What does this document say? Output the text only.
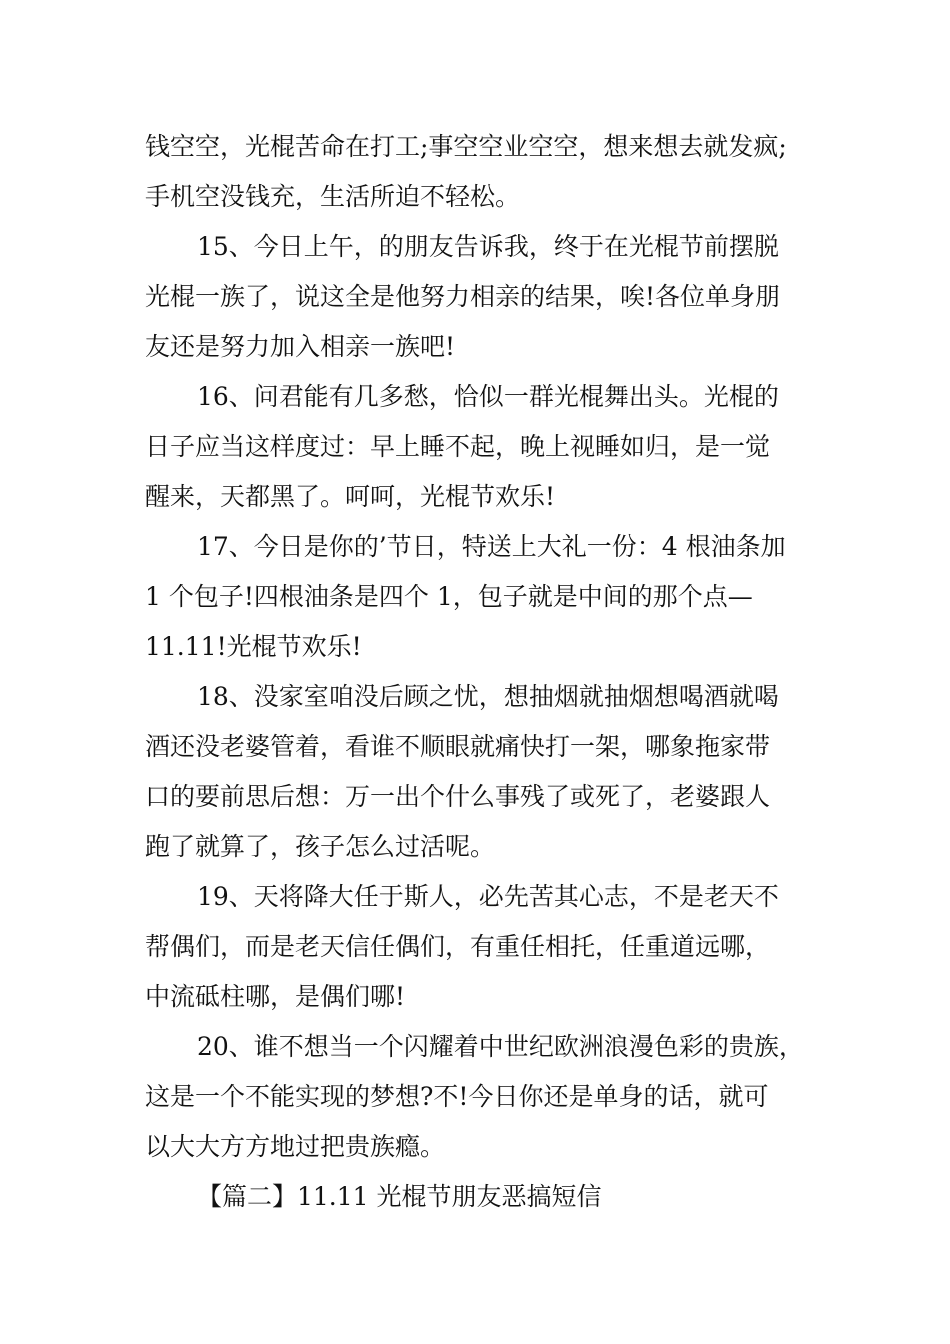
钱空空，光棍苦命在打工;事空空业空空，想来想去就发疯;
手机空没钱充，生活所迫不轻松。
15、今日上午，的朋友告诉我，终于在光棍节前摆脱
光棍一族了，说这全是他努力相亲的结果，唉!各位单身朋
友还是努力加入相亲一族吧!
16、问君能有几多愁，恰似一群光棍舞出头。光棍的
日子应当这样度过：早上睡不起，晚上视睡如归，是一觉
醒来，天都黑了。呵呵，光棍节欢乐!
17、今日是你的’节日，特送上大礼一份：4 根油条加
1 个包子!四根油条是四个 1，包子就是中间的那个点—
11.11!光棍节欢乐!
18、没家室咱没后顾之忧，想抽烟就抽烟想喝酒就喝
酒还没老婆管着，看谁不顺眼就痛快打一架，哪象拖家带
口的要前思后想：万一出个什么事残了或死了，老婆跟人
跑了就算了，孩子怎么过活呢。
19、天将降大任于斯人，必先苦其心志，不是老天不
帮偶们，而是老天信任偶们，有重任相托，任重道远哪，
中流砥柱哪，是偶们哪!
20、谁不想当一个闪耀着中世纪欧洲浪漫色彩的贵族，
这是一个不能实现的梦想?不!今日你还是单身的话，就可
以大大方方地过把贵族瘾。
【篇二】11.11 光棍节朋友恶搞短信
